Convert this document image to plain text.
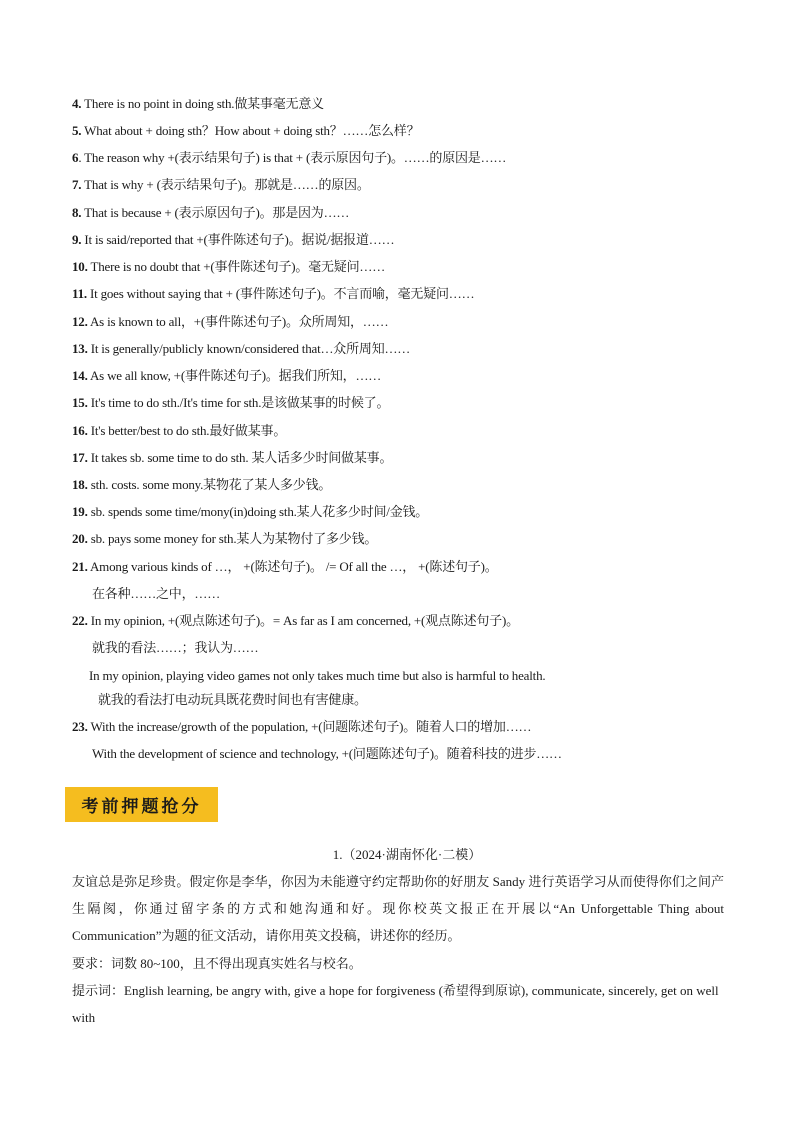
4. There is no point in doing sth.做某事毫无意义
5. What about + doing sth？How about + doing sth？……怎么样？
6. The reason why +(表示结果句子) is that + (表示原因句子)。……的原因是……
7. That is why + (表示结果句子)。那就是……的原因。
8. That is because + (表示原因句子)。那是因为……
9. It is said/reported that +(事件陈述句子)。据说/据报道……
10. There is no doubt that +(事件陈述句子)。毫无疑问……
11. It goes without saying that + (事件陈述句子)。不言而喻，毫无疑问……
12. As is known to all，+(事件陈述句子)。众所周知，……
13. It is generally/publicly known/considered that…众所周知……
14. As we all know, +(事件陈述句子)。据我们所知，……
15. It's time to do sth./It's time for sth.是该做某事的时候了。
16. It's better/best to do sth.最好做某事。
17. It takes sb. some time to do sth. 某人话多少时间做某事。
18. sth. costs. some mony.某物花了某人多少钱。
19. sb. spends some time/mony(in)doing sth.某人花多少时间/金钱。
20. sb. pays some money for sth.某人为某物付了多少钱。
21. Among various kinds of …， +(陈述句子)。 /= Of all the …， +(陈述句子)。
在各种……之中，……
22. In my opinion, +(观点陈述句子)。= As far as I am concerned, +(观点陈述句子)。
就我的看法……；我认为……
In my opinion, playing video games not only takes much time but also is harmful to health.
就我的看法打电动玩具既花费时间也有害健康。
23. With the increase/growth of the population, +(问题陈述句子)。随着人口的增加……
With the development of science and technology, +(问题陈述句子)。随着科技的进步……
考前押题抢分
1.（2024·湖南怀化·二模）
友谊总是弥足珍贵。假定你是李华，你因为未能遵守约定帮助你的好朋友 Sandy 进行英语学习从而使得你们之间产生隔阂，你通过留字条的方式和她沟通和好。现你校英文报正在开展以“An Unforgettable Thing about Communication”为题的征文活动，请你用英文投稿，讲述你的经历。
要求：词数 80~100，且不得出现真实姓名与校名。
提示词：English learning, be angry with, give a hope for forgiveness (希望得到原谅), communicate, sincerely, get on well with
